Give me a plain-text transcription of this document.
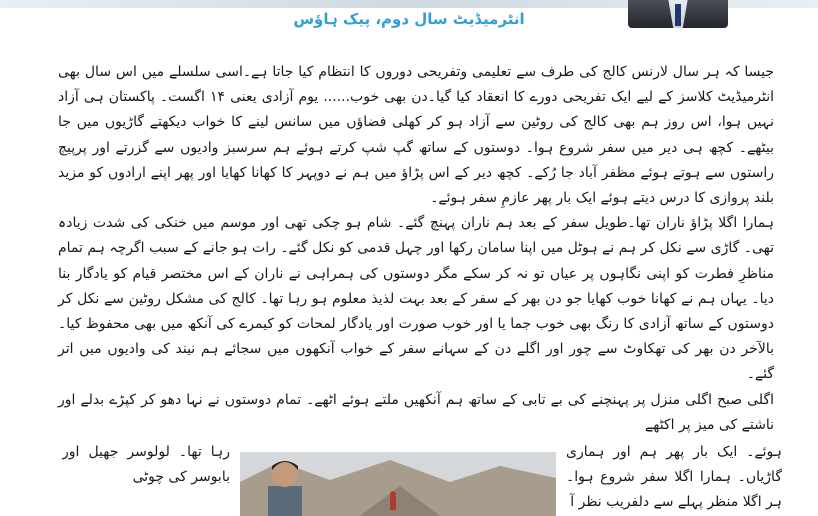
انٹرمیڈیٹ سال دوم، پیک ہاؤس

جیسا کہ ہر سال لارنس کالج کی طرف سے تعلیمی وتفریحی دوروں کا انتظام کیا جاتا ہے۔اسی سلسلے میں اس سال بھی انٹرمیڈیٹ کلاسز کے لیے ایک تفریحی دورے کا انعقاد کیا گیا۔دن بھی خوب...... یوم آزادی یعنی ۱۴ اگست۔ پاکستان ہی آزاد نہیں ہوا، اس روز ہم بھی کالج کی روٹین سے آزاد ہو کر کھلی فضاؤں میں سانس لینے کا خواب دیکھتے گاڑیوں میں جا بیٹھے۔ کچھ ہی دیر میں سفر شروع ہوا۔ دوستوں کے ساتھ گپ شپ کرتے ہوئے ہم سرسبز وادیوں سے گزرتے اور پرپیچ راستوں سے ہوتے ہوئے مظفر آباد جا رُکے۔ کچھ دیر کے اس پڑاؤ میں ہم نے دوپہر کا کھانا کھایا اور پھر اپنے ارادوں کو مزید بلند پروازی کا درس دیتے ہوئے ایک بار پھر عازمِ سفر ہوئے۔

ہمارا اگلا پڑاؤ ناران تھا۔طویل سفر کے بعد ہم ناران پہنچ گئے۔ شام ہو چکی تھی اور موسم میں خنکی کی شدت زیادہ تھی۔ گاڑی سے نکل کر ہم نے ہوٹل میں اپنا سامان رکھا اور چہل قدمی کو نکل گئے۔ رات ہو جانے کے سبب اگرچہ ہم تمام مناظرِ فطرت کو اپنی نگاہوں پر عیاں تو نہ کر سکے مگر دوستوں کی ہمراہی نے ناران کے اس مختصر قیام کو یادگار بنا دیا۔ یہاں ہم نے کھانا خوب کھایا جو دن بھر کے سفر کے بعد بہت لذیذ معلوم ہو رہا تھا۔ کالج کی مشکل روٹین سے نکل کر دوستوں کے ساتھ آزادی کا رنگ بھی خوب جما یا اور خوب صورت اور یادگار لمحات کو کیمرے کی آنکھ میں بھی محفوظ کیا۔ بالآخر دن بھر کی تھکاوٹ سے چور اور اگلے دن کے سہانے سفر کے خواب آنکھوں میں سجائے ہم نیند کی وادیوں میں اتر گئے۔

اگلی صبح اگلی منزل پر پہنچنے کی بے تابی کے ساتھ ہم آنکھیں ملتے ہوئے اٹھے۔ تمام دوستوں نے نہا دھو کر کپڑے بدلے اور ناشتے کی میز پر اکٹھے

ہوئے۔ ایک بار پھر ہم اور ہماری گاڑیاں۔ ہمارا اگلا سفر شروع ہوا۔ ہر اگلا منظر پہلے سے دلفریب نظر آ
رہا تھا۔ لولوسر جھیل اور بابوسر کی چوٹی
